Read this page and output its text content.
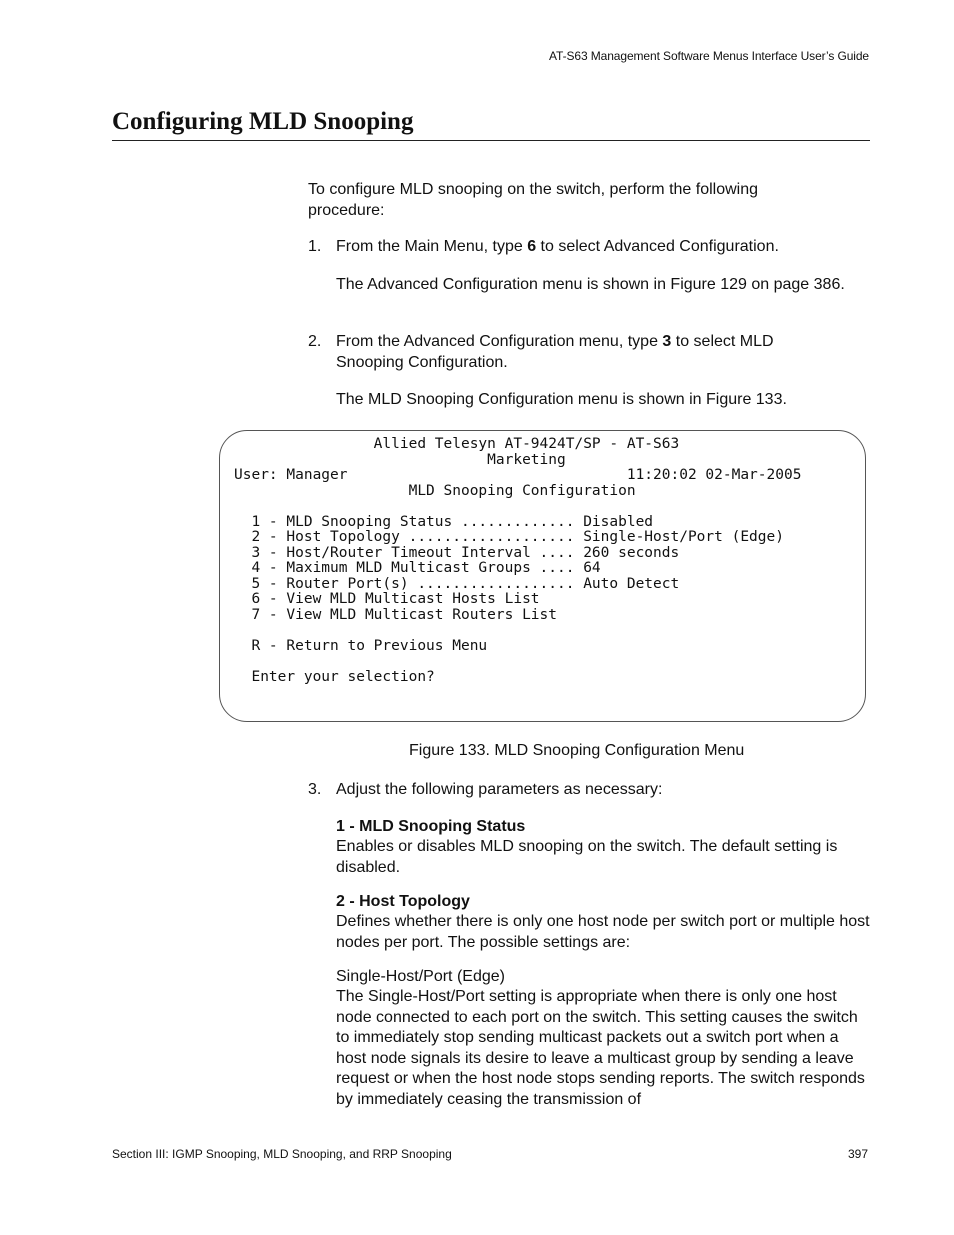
AT-S63 Management Software Menus Interface User’s Guide
Configuring MLD Snooping

To configure MLD snooping on the switch, perform the following procedure:

1. From the Main Menu, type 6 to select Advanced Configuration.

The Advanced Configuration menu is shown in Figure 129 on page 386.

2. From the Advanced Configuration menu, type 3 to select MLD Snooping Configuration.

The MLD Snooping Configuration menu is shown in Figure 133.

Allied Telesyn AT-9424T/SP - AT-S63
Marketing
User: Manager                                11:20:02 02-Mar-2005
MLD Snooping Configuration

1 - MLD Snooping Status ............. Disabled
2 - Host Topology ................... Single-Host/Port (Edge)
3 - Host/Router Timeout Interval .... 260 seconds
4 - Maximum MLD Multicast Groups .... 64
5 - Router Port(s) .................. Auto Detect
6 - View MLD Multicast Hosts List
7 - View MLD Multicast Routers List

R - Return to Previous Menu

Enter your selection?
Figure 133. MLD Snooping Configuration Menu
3. Adjust the following parameters as necessary:

1 - MLD Snooping Status

Enables or disables MLD snooping on the switch. The default setting is disabled.

2 - Host Topology

Defines whether there is only one host node per switch port or multiple host nodes per port. The possible settings are:

Single-Host/Port (Edge)

The Single-Host/Port setting is appropriate when there is only one host node connected to each port on the switch. This setting causes the switch to immediately stop sending multicast packets out a switch port when a host node signals its desire to leave a multicast group by sending a leave request or when the host node stops sending reports. The switch responds by immediately ceasing the transmission of

Section III: IGMP Snooping, MLD Snooping, and RRP Snooping	397
